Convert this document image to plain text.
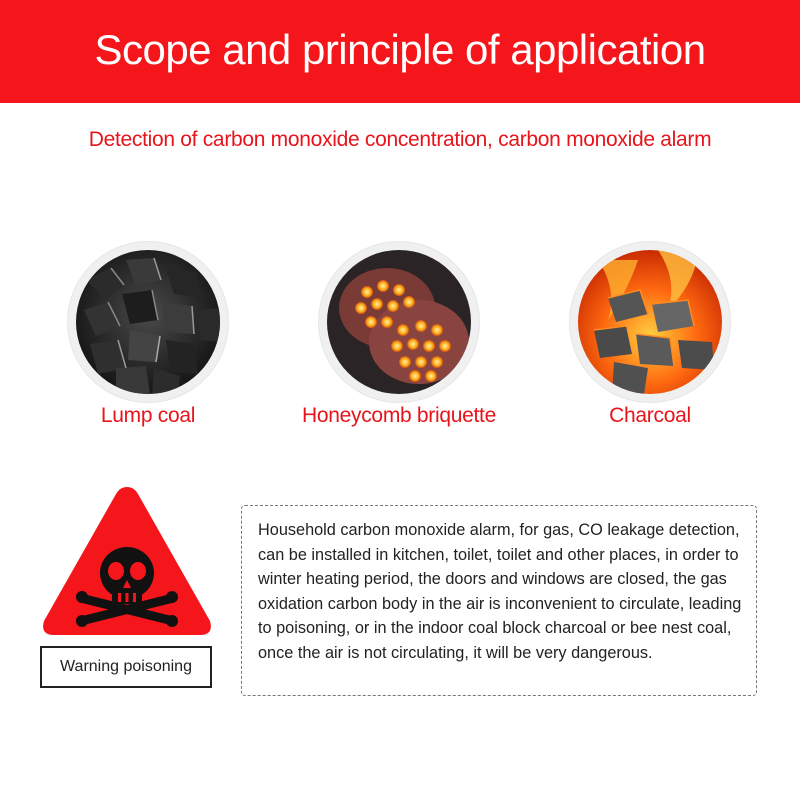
Scope and principle of application
Detection of carbon monoxide concentration, carbon monoxide alarm
Lump coal	Honeycomb briquette	Charcoal
Warning poisoning
Household carbon monoxide alarm, for gas, CO leakage detection, can be installed in kitchen, toilet, toilet and other places, in order to winter heating period, the doors and windows are closed, the gas oxidation carbon body in the air is inconvenient to circulate, leading to poisoning, or in the indoor coal block charcoal or bee nest coal, once the air is not circulating, it will be very dangerous.
